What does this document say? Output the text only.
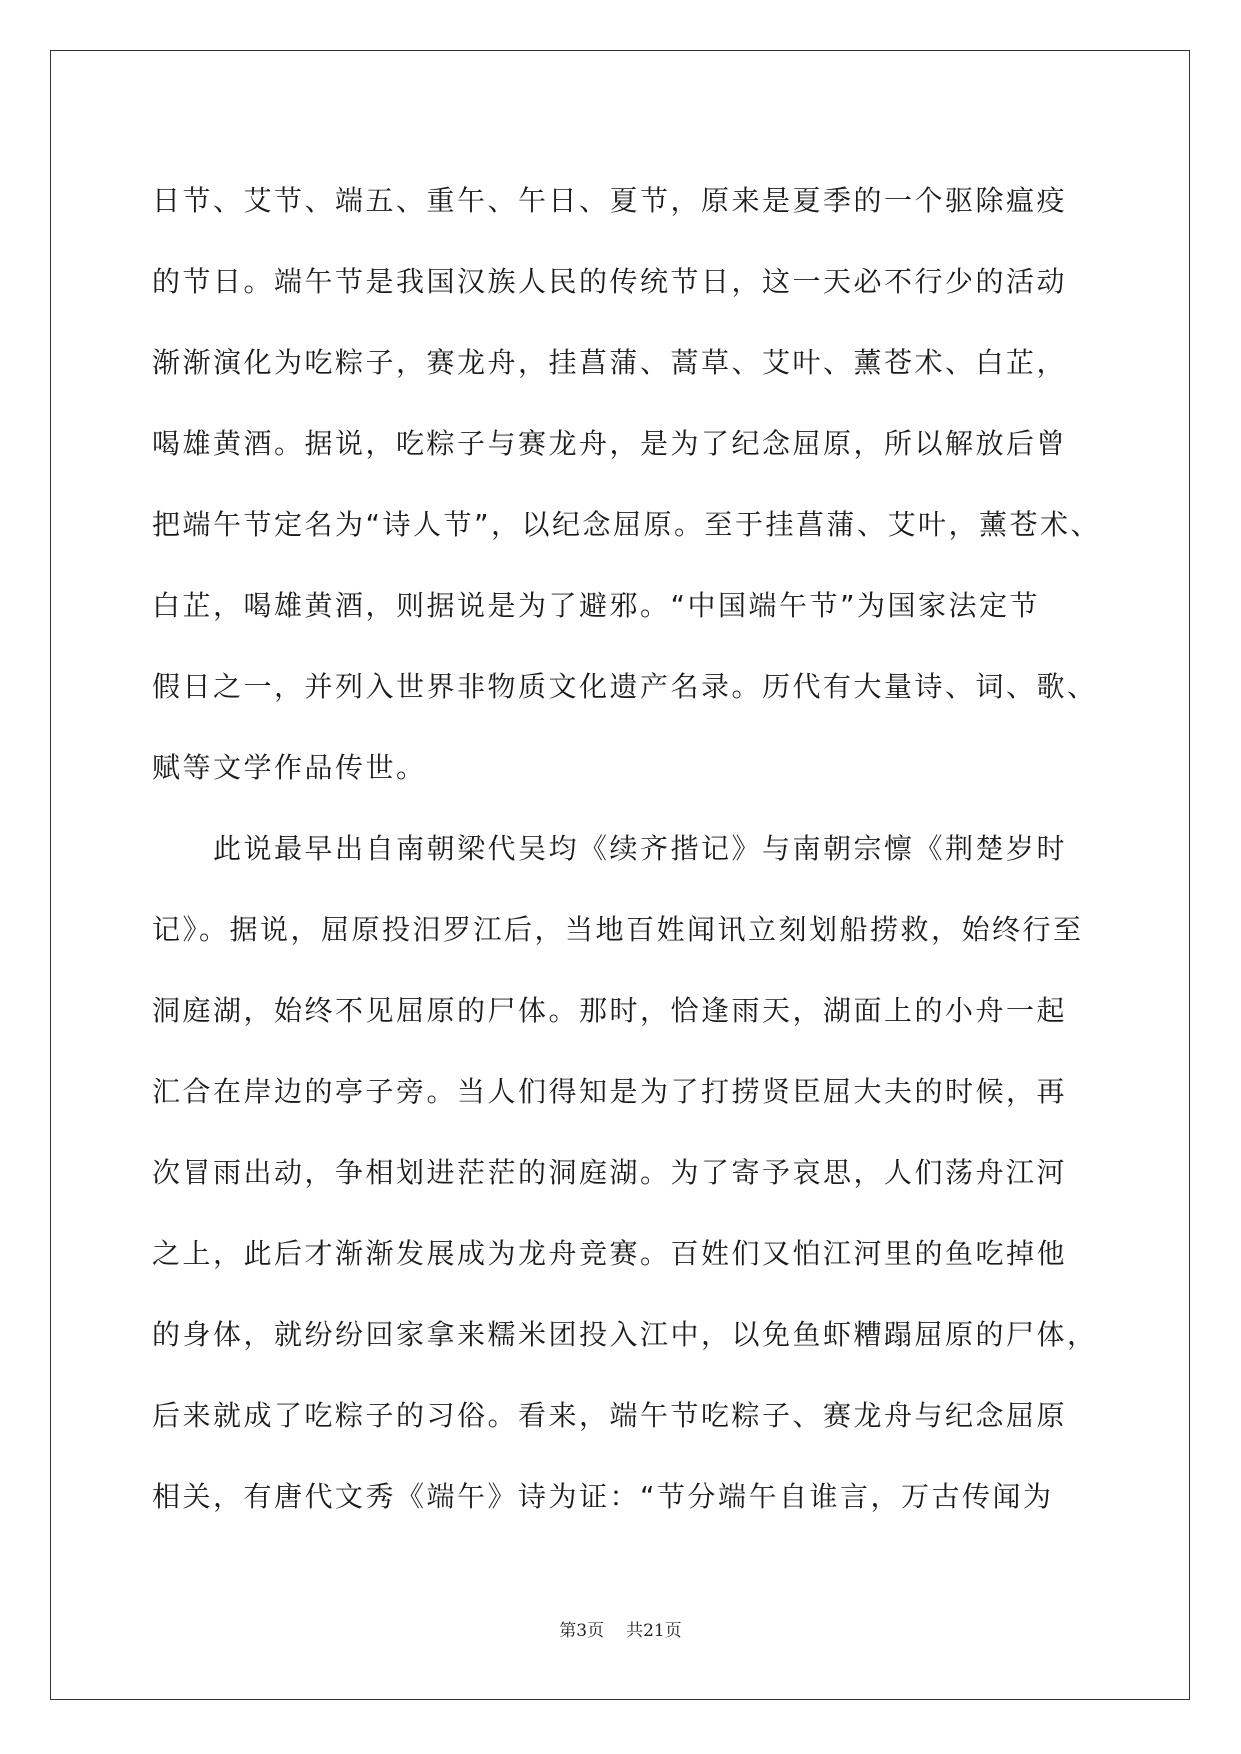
日节、艾节、端五、重午、午日、夏节，原来是夏季的一个驱除瘟疫
的节日。端午节是我国汉族人民的传统节日，这一天必不行少的活动
渐渐演化为吃粽子，赛龙舟，挂菖蒲、蒿草、艾叶、薰苍术、白芷，
喝雄黄酒。据说，吃粽子与赛龙舟，是为了纪念屈原，所以解放后曾
把端午节定名为“诗人节”，以纪念屈原。至于挂菖蒲、艾叶，薰苍术、
白芷，喝雄黄酒，则据说是为了避邪。“中国端午节”为国家法定节
假日之一，并列入世界非物质文化遗产名录。历代有大量诗、词、歌、
赋等文学作品传世。
　　此说最早出自南朝梁代吴均《续齐揩记》与南朝宗懔《荆楚岁时
记》。据说，屈原投汨罗江后，当地百姓闻讯立刻划船捞救，始终行至
洞庭湖，始终不见屈原的尸体。那时，恰逢雨天，湖面上的小舟一起
汇合在岸边的亭子旁。当人们得知是为了打捞贤臣屈大夫的时候，再
次冒雨出动，争相划进茫茫的洞庭湖。为了寄予哀思，人们荡舟江河
之上，此后才渐渐发展成为龙舟竞赛。百姓们又怕江河里的鱼吃掉他
的身体，就纷纷回家拿来糯米团投入江中，以免鱼虾糟蹋屈原的尸体，
后来就成了吃粽子的习俗。看来，端午节吃粽子、赛龙舟与纪念屈原
相关，有唐代文秀《端午》诗为证：“节分端午自谁言，万古传闻为
第3页 共21页
